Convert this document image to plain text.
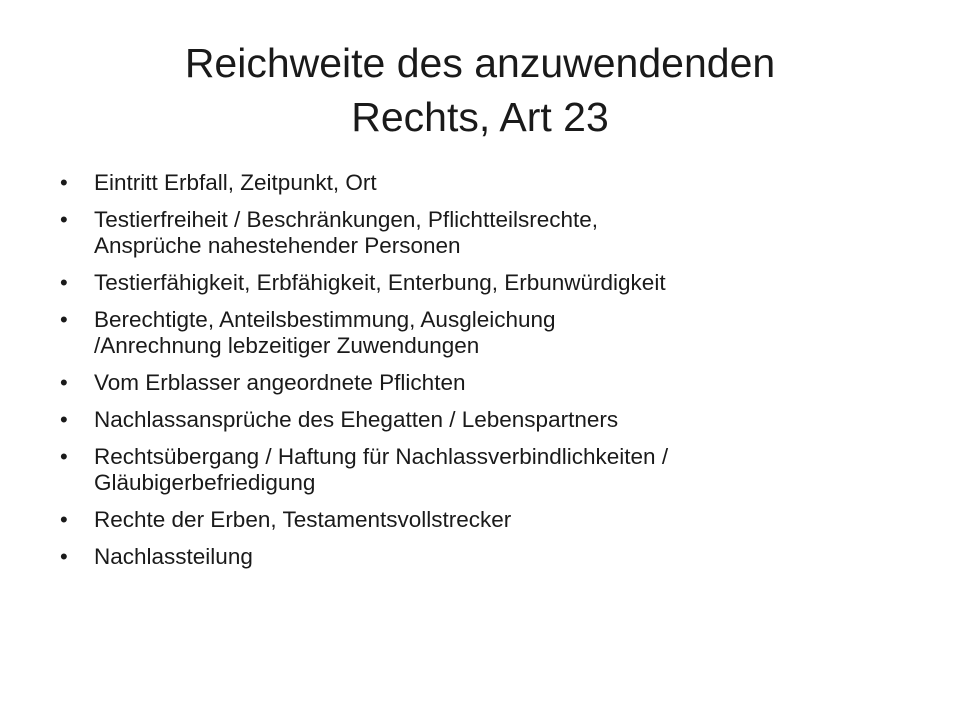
Reichweite des anzuwendenden
Rechts, Art 23
• Eintritt Erbfall, Zeitpunkt, Ort
• Testierfreiheit / Beschränkungen, Pflichtteilsrechte,
Ansprüche nahestehender Personen
• Testierfähigkeit, Erbfähigkeit, Enterbung, Erbunwürdigkeit
• Berechtigte, Anteilsbestimmung, Ausgleichung
/Anrechnung lebzeitiger Zuwendungen
• Vom Erblasser angeordnete Pflichten
• Nachlassansprüche des Ehegatten / Lebenspartners
• Rechtsübergang / Haftung für Nachlassverbindlichkeiten /
Gläubigerbefriedigung
• Rechte der Erben, Testamentsvollstrecker
• Nachlassteilung
